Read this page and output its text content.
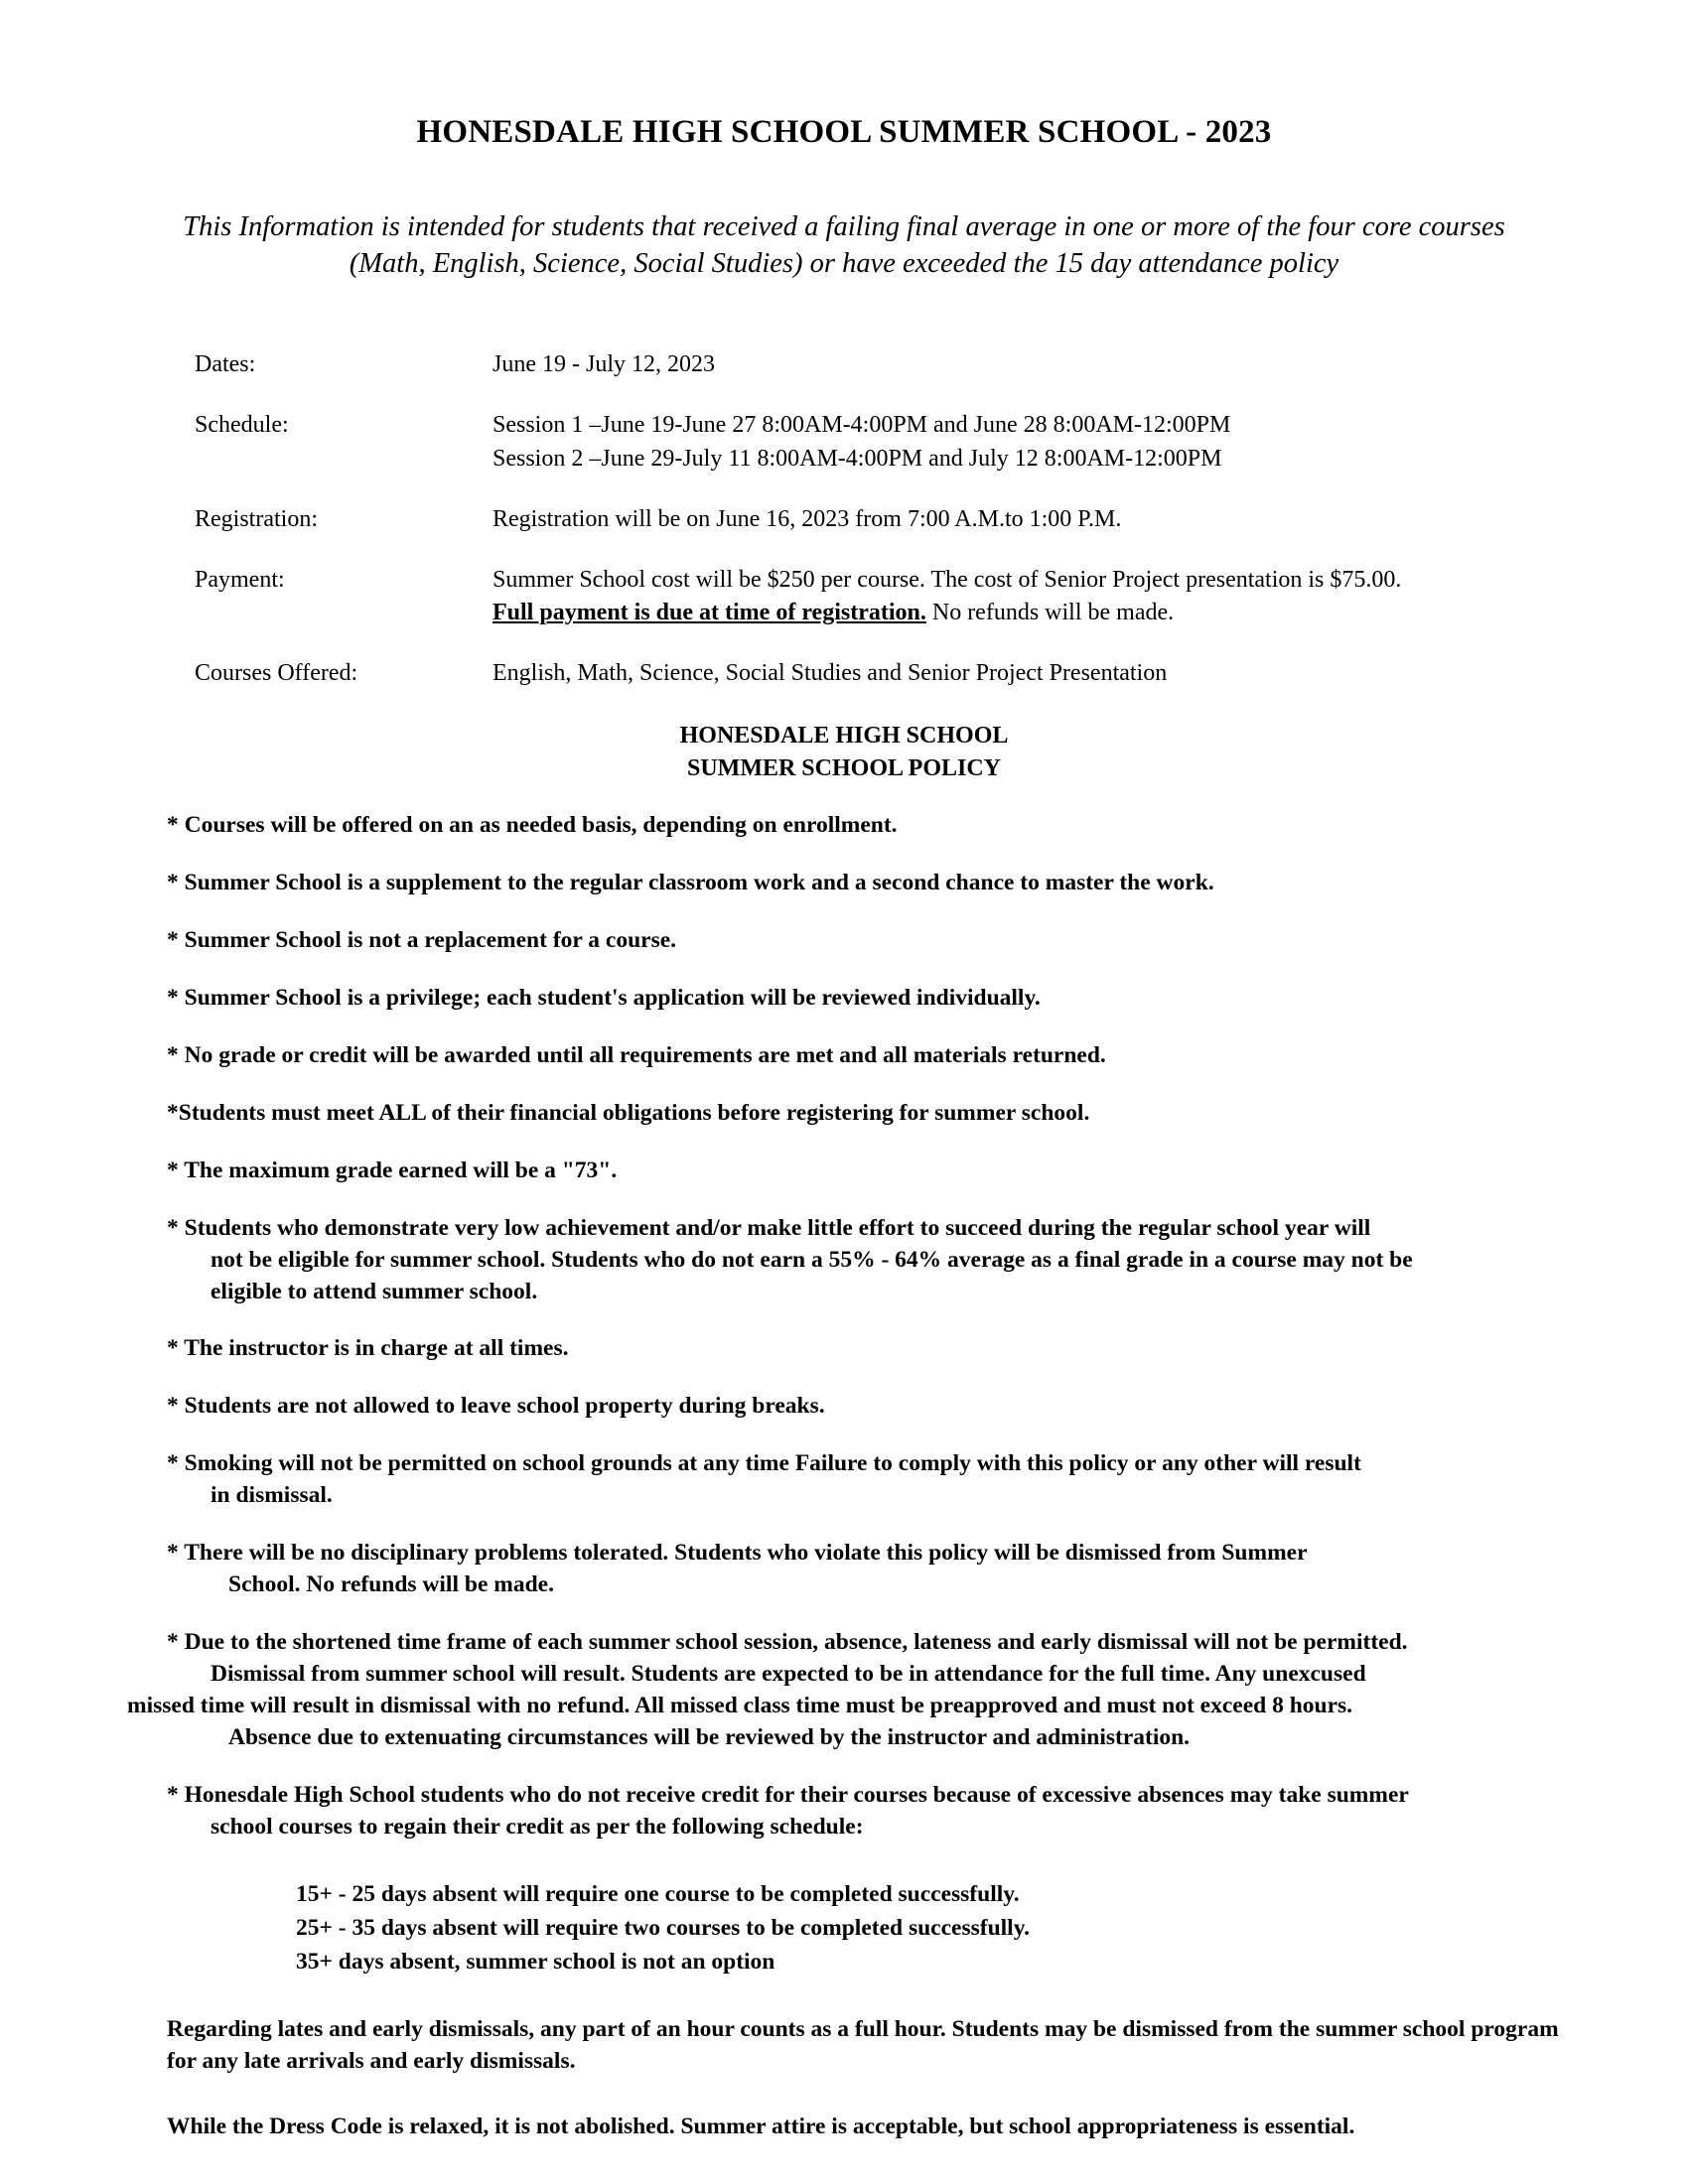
HONESDALE HIGH SCHOOL SUMMER SCHOOL - 2023

This Information is intended for students that received a failing final average in one or more of the four core courses (Math, English, Science, Social Studies) or have exceeded the 15 day attendance policy

Dates:	June 19 - July 12, 2023

Schedule:	Session 1 –June 19-June 27 8:00AM-4:00PM and June 28 8:00AM-12:00PM
Session 2 –June 29-July 11 8:00AM-4:00PM and July 12 8:00AM-12:00PM

Registration:	Registration will be on June 16, 2023 from 7:00 A.M.to 1:00 P.M.

Payment:	Summer School cost will be $250 per course. The cost of Senior Project presentation is $75.00.
Full payment is due at time of registration. No refunds will be made.

Courses Offered:	English, Math, Science, Social Studies and Senior Project Presentation
HONESDALE HIGH SCHOOL
SUMMER SCHOOL POLICY

* Courses will be offered on an as needed basis, depending on enrollment.

* Summer School is a supplement to the regular classroom work and a second chance to master the work.

* Summer School is not a replacement for a course.

* Summer School is a privilege; each student's application will be reviewed individually.

* No grade or credit will be awarded until all requirements are met and all materials returned.

*Students must meet ALL of their financial obligations before registering for summer school.

* The maximum grade earned will be a "73".

* Students who demonstrate very low achievement and/or make little effort to succeed during the regular school year will
not be eligible for summer school. Students who do not earn a 55% - 64% average as a final grade in a course may not be
eligible to attend summer school.

* The instructor is in charge at all times.

* Students are not allowed to leave school property during breaks.

* Smoking will not be permitted on school grounds at any time Failure to comply with this policy or any other will result
in dismissal.

* There will be no disciplinary problems tolerated. Students who violate this policy will be dismissed from Summer
School. No refunds will be made.

* Due to the shortened time frame of each summer school session, absence, lateness and early dismissal will not be permitted.
Dismissal from summer school will result. Students are expected to be in attendance for the full time. Any unexcused
missed time will result in dismissal with no refund. All missed class time must be preapproved and must not exceed 8 hours.
Absence due to extenuating circumstances will be reviewed by the instructor and administration.

* Honesdale High School students who do not receive credit for their courses because of excessive absences may take summer
school courses to regain their credit as per the following schedule:

15+ - 25 days absent will require one course to be completed successfully.
25+ - 35 days absent will require two courses to be completed successfully.
35+ days absent, summer school is not an option

Regarding lates and early dismissals, any part of an hour counts as a full hour. Students may be dismissed from the summer school program for any late arrivals and early dismissals.

While the Dress Code is relaxed, it is not abolished. Summer attire is acceptable, but school appropriateness is essential.
